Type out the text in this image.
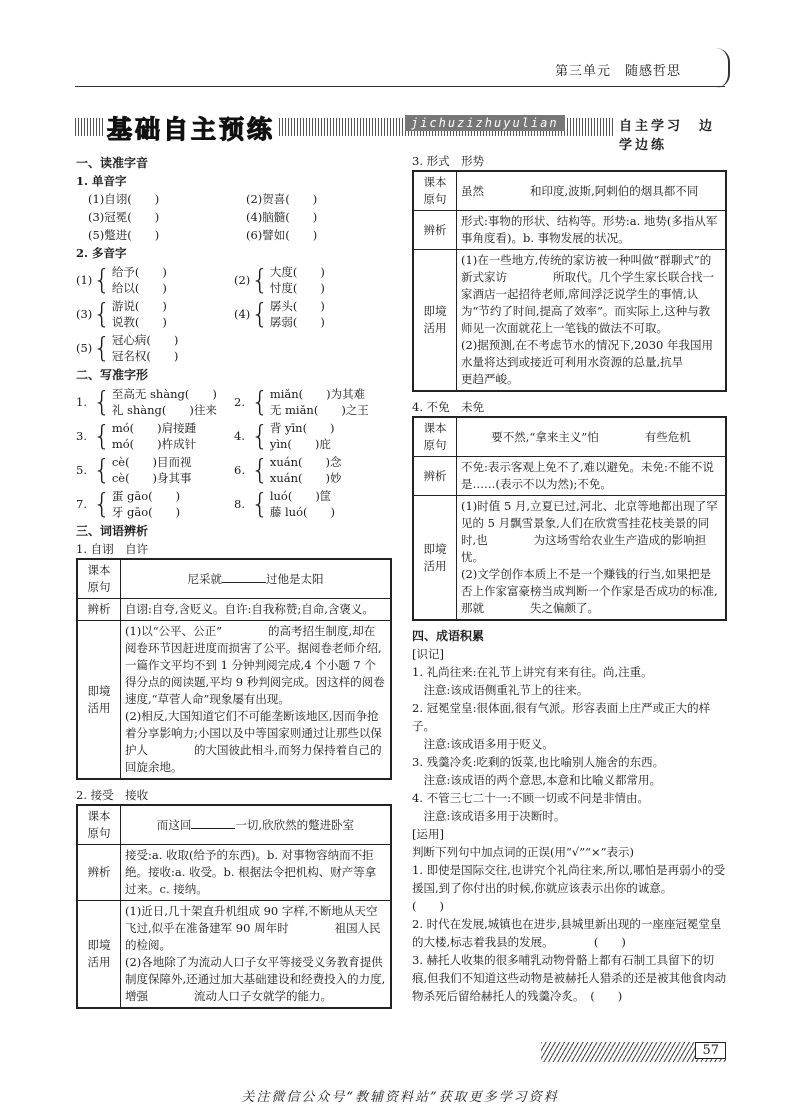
第三单元　随感哲思
基础自主预练	jichuzizhuyulian	自主学习　边学边练
一、读准字音
1. 单音字
(1)自诩(　　)	(2)贺喜(　　)
(3)冠冕(　　)	(4)脑髓(　　)
(5)蹩进(　　)	(6)譬如(　　)
2. 多音字
(1) { 给予(　　)
给以(　　)
(2) { 大度(　　)
忖度(　　)
(3) { 游说(　　)
说教(　　)
(4) { 孱头(　　)
孱弱(　　)
(5) { 冠心病(　　)
冠名权(　　)
二、写准字形
1. { 至高无 shàng(　　)
礼 shàng(　　)往来
2. { miǎn(　　)为其难
无 miǎn(　　)之王
3. { mó(　　)肩接踵
mó(　　)杵成针
4. { 背 yīn(　　)
yìn(　　)庇
5. { cè(　　)目而视
cè(　　)身其事
6. { xuán(　　)念
xuán(　　)妙
7. { 蛋 gāo(　　)
牙 gāo(　　)
8. { luó(　　)筐
藤 luó(　　)
三、词语辨析
1. 自诩　自许
课本原句	尼采就 过他是太阳
辨析	自诩:自夸,含贬义。自许:自我称赞;自命,含褒义。
即境活用	(1)以“公平、公正”　　　　的高考招生制度,却在阅卷环节因赶进度而损害了公平。据阅卷老师介绍,一篇作文平均不到 1 分钟判阅完成,4 个小题 7 个得分点的阅读题,平均 9 秒判阅完成。因这样的阅卷速度,“草菅人命”现象屡有出现。
(2)相反,大国知道它们不可能垄断该地区,因而争抢着分享影响力;小国以及中等国家则通过让那些以保护人　　　　的大国彼此相斗,而努力保持着自己的回旋余地。
2. 接受　接收
课本原句	而这回 一切,欣欣然的蹩进卧室
辨析	接受:a. 收取(给予的东西)。b. 对事物容纳而不拒绝。接收:a. 收受。b. 根据法令把机构、财产等拿过来。c. 接纳。
即境活用	(1)近日,几十架直升机组成 90 字样,不断地从天空飞过,似乎在准备建军 90 周年时　　　　祖国人民的检阅。
(2)各地除了为流动人口子女平等接受义务教育提供制度保障外,还通过加大基础建设和经费投入的力度,增强　　　　流动人口子女就学的能力。
3. 形式　形势
课本原句	虽然　　　　和印度,波斯,阿剌伯的烟具都不同
辨析	形式:事物的形状、结构等。形势:a. 地势(多指从军事角度看)。b. 事物发展的状况。
即境活用	(1)在一些地方,传统的家访被一种叫做“群聊式”的新式家访　　　　所取代。几个学生家长联合找一家酒店一起招待老师,席间浮泛说学生的事情,认为“节约了时间,提高了效率”。而实际上,这种与教师见一次面就花上一笔钱的做法不可取。
(2)据预测,在不考虑节水的情况下,2030 年我国用水量将达到或接近可利用水资源的总量,抗旱　　　　更趋严峻。
4. 不免　未免
课本原句	要不然,“拿来主义”怕　　　　有些危机
辨析	不免:表示客观上免不了,难以避免。未免:不能不说是……(表示不以为然);不免。
即境活用	(1)时值 5 月,立夏已过,河北、北京等地都出现了罕见的 5 月飘雪景象,人们在欣赏雪挂花枝美景的同时,也　　　　为这场雪给农业生产造成的影响担忧。
(2)文学创作本质上不是一个赚钱的行当,如果把是否上作家富豪榜当成判断一个作家是否成功的标准,那就　　　　失之偏颇了。
四、成语积累
[识记]
1. 礼尚往来:在礼节上讲究有来有往。尚,注重。
　注意:该成语侧重礼节上的往来。
2. 冠冕堂皇:很体面,很有气派。形容表面上庄严或正大的样子。
　注意:该成语多用于贬义。
3. 残羹冷炙:吃剩的饭菜,也比喻别人施舍的东西。
　注意:该成语的两个意思,本意和比喻义都常用。
4. 不管三七二十一:不顾一切或不问是非情由。
　注意:该成语多用于决断时。
[运用]
判断下列句中加点词的正误(用“√”“×”表示)
1. 即使是国际交往,也讲究个礼尚往来,所以,哪怕是再弱小的受援国,到了你付出的时候,你就应该表示出你的诚意。　　　　　　　　　　　(　　)
2. 时代在发展,城镇也在进步,县城里新出现的一座座冠冕堂皇的大楼,标志着我县的发展。　　　　(　　)
3. 赫托人收集的很多哺乳动物骨骼上都有石制工具留下的切痕,但我们不知道这些动物是被赫托人猎杀的还是被其他食肉动物杀死后留给赫托人的残羹冷炙。　(　　)
57
关注微信公众号“教辅资料站”获取更多学习资料
